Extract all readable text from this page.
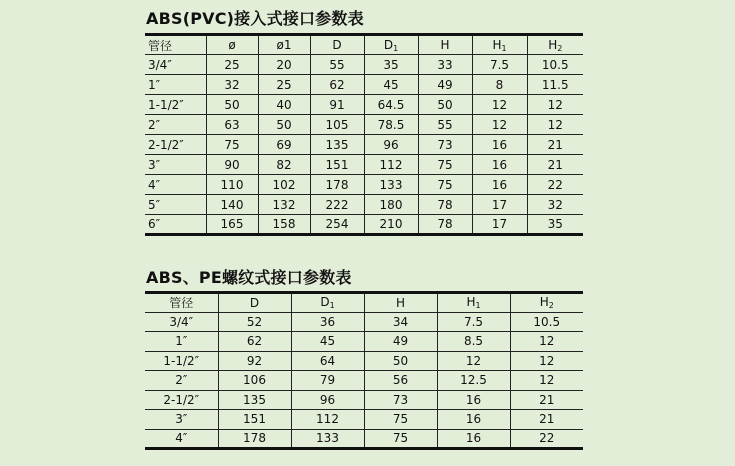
ABS(PVC)接入式接口参数表
管径	ø	ø1	D	$D_1$	H	$H_1$	$H_2$
3/4″	25	20	55	35	33	7.5	10.5
1″	32	25	62	45	49	8	11.5
1-1/2″	50	40	91	64.5	50	12	12
2″	63	50	105	78.5	55	12	12
2-1/2″	75	69	135	96	73	16	21
3″	90	82	151	112	75	16	21
4″	110	102	178	133	75	16	22
5″	140	132	222	180	78	17	32
6″	165	158	254	210	78	17	35
ABS、PE螺纹式接口参数表
管径	D	$D_1$	H	$H_1$	$H_2$
3/4″	52	36	34	7.5	10.5
1″	62	45	49	8.5	12
1-1/2″	92	64	50	12	12
2″	106	79	56	12.5	12
2-1/2″	135	96	73	16	21
3″	151	112	75	16	21
4″	178	133	75	16	22
